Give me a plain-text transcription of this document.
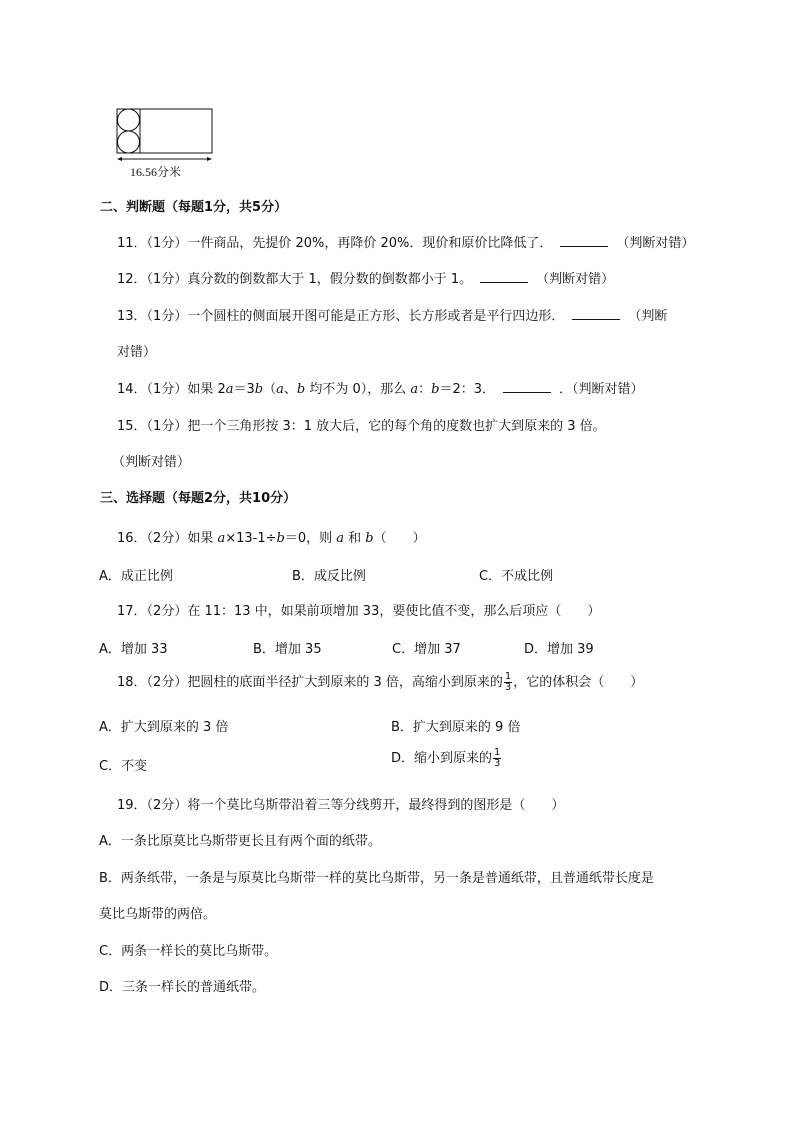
16.56分米
二、判断题（每题1分，共5分）
11．（1分）一件商品，先提价 20%，再降价 20%．现价和原价比降低了．	（判断对错）
12．（1分）真分数的倒数都大于 1，假分数的倒数都小于 1。	（判断对错）
13．（1分）一个圆柱的侧面展开图可能是正方形、长方形或者是平行四边形．	（判断
对错）
14．（1分）如果 2a＝3b（a、b 均不为 0），那么 a：b＝2：3．	．（判断对错）
15．（1分）把一个三角形按 3：1 放大后，它的每个角的度数也扩大到原来的 3 倍。
（判断对错）
三、选择题（每题2分，共10分）
16．（2分）如果 a×13-1÷b＝0，则 a 和 b（　　）
A．成正比例	B．成反比例	C．不成比例
17．（2分）在 11：13 中，如果前项增加 33，要使比值不变，那么后项应（　　）
A．增加 33	B．增加 35	C．增加 37	D．增加 39
18．（2分）把圆柱的底面半径扩大到原来的 3 倍，高缩小到原来的 $\frac{1}{3}$ ，它的体积会（　　）
A．扩大到原来的 3 倍	B．扩大到原来的 9 倍
C．不变
D．缩小到原来的 $\frac{1}{3}$
19．（2分）将一个莫比乌斯带沿着三等分线剪开，最终得到的图形是（　　）
A．一条比原莫比乌斯带更长且有两个面的纸带。
B．两条纸带，一条是与原莫比乌斯带一样的莫比乌斯带，另一条是普通纸带，且普通纸带长度是
莫比乌斯带的两倍。
C．两条一样长的莫比乌斯带。
D．三条一样长的普通纸带。
